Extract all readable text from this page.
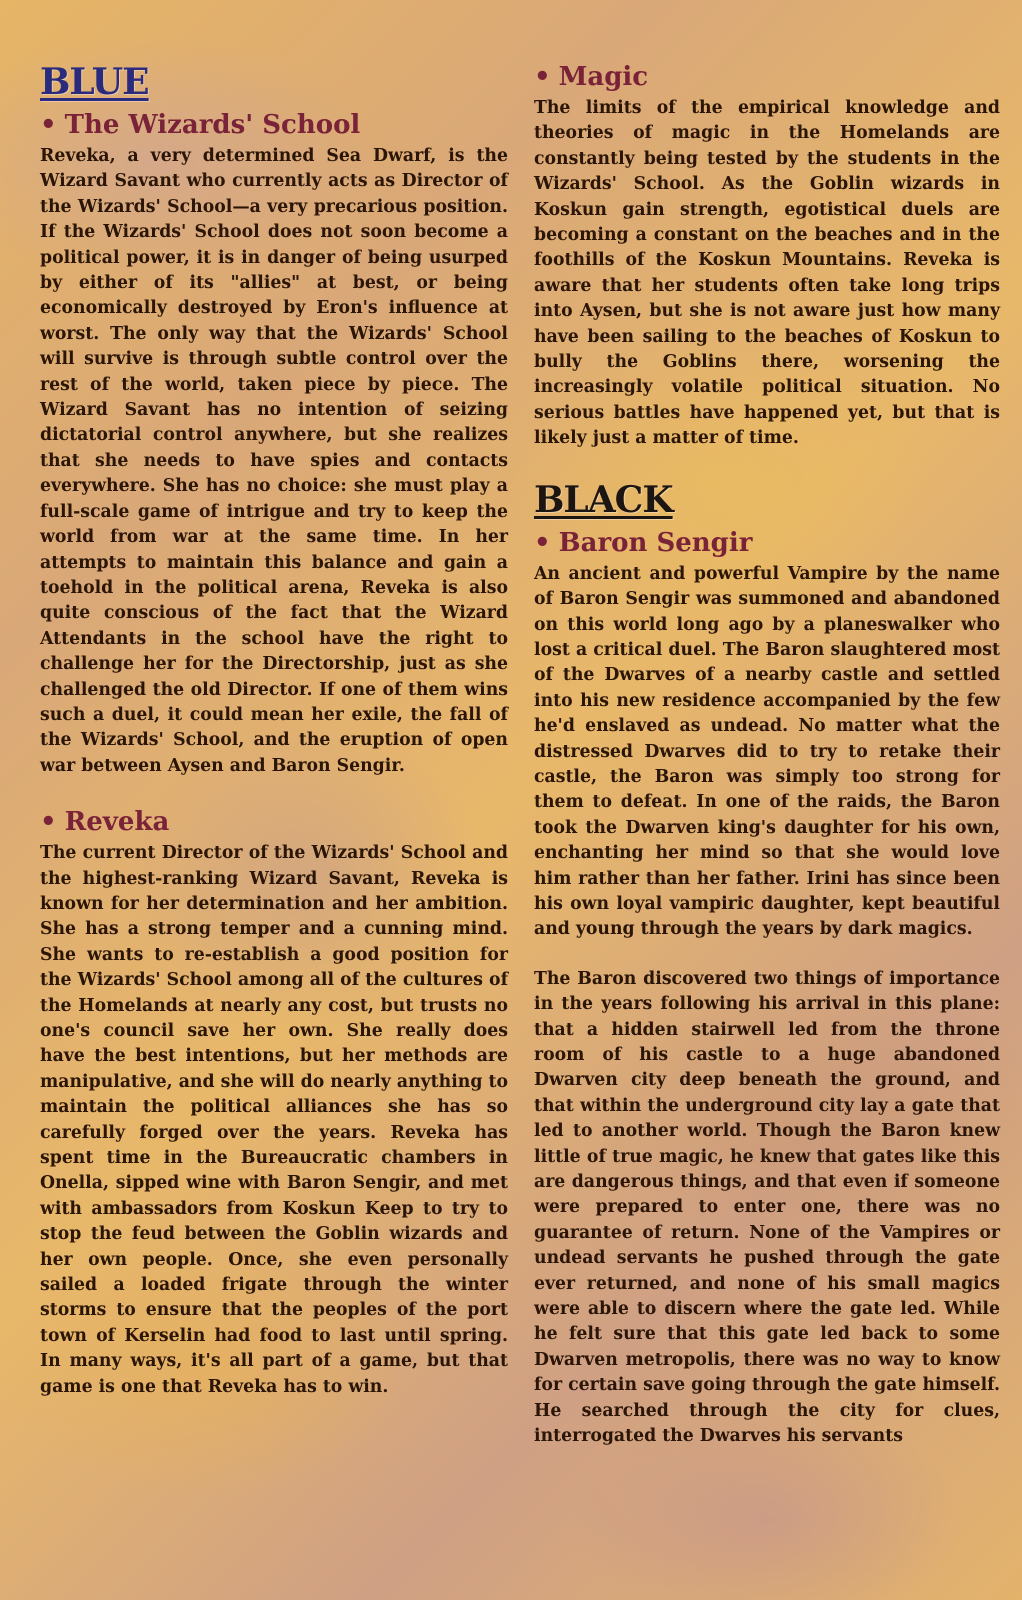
BLUE
• The Wizards' School

Reveka, a very determined Sea Dwarf, is the Wizard Savant who currently acts as Director of the Wizards' School—a very precarious position. If the Wizards' School does not soon become a political power, it is in danger of being usurped by either of its "allies" at best, or being economically destroyed by Eron's influence at worst. The only way that the Wizards' School will survive is through subtle control over the rest of the world, taken piece by piece. The Wizard Savant has no intention of seizing dictatorial control anywhere, but she realizes that she needs to have spies and contacts everywhere. She has no choice: she must play a full-scale game of intrigue and try to keep the world from war at the same time. In her attempts to maintain this balance and gain a toehold in the political arena, Reveka is also quite conscious of the fact that the Wizard Attendants in the school have the right to challenge her for the Directorship, just as she challenged the old Director. If one of them wins such a duel, it could mean her exile, the fall of the Wizards' School, and the eruption of open war between Aysen and Baron Sengir.

• Reveka

The current Director of the Wizards' School and the highest-ranking Wizard Savant, Reveka is known for her determination and her ambition. She has a strong temper and a cunning mind. She wants to re-establish a good position for the Wizards' School among all of the cultures of the Homelands at nearly any cost, but trusts no one's council save her own. She really does have the best intentions, but her methods are manipulative, and she will do nearly anything to maintain the political alliances she has so carefully forged over the years. Reveka has spent time in the Bureaucratic chambers in Onella, sipped wine with Baron Sengir, and met with ambassadors from Koskun Keep to try to stop the feud between the Goblin wizards and her own people. Once, she even personally sailed a loaded frigate through the winter storms to ensure that the peoples of the port town of Kerselin had food to last until spring. In many ways, it's all part of a game, but that game is one that Reveka has to win.

• Magic

The limits of the empirical knowledge and theories of magic in the Homelands are constantly being tested by the students in the Wizards' School. As the Goblin wizards in Koskun gain strength, egotistical duels are becoming a constant on the beaches and in the foothills of the Koskun Mountains. Reveka is aware that her students often take long trips into Aysen, but she is not aware just how many have been sailing to the beaches of Koskun to bully the Goblins there, worsening the increasingly volatile political situation. No serious battles have happened yet, but that is likely just a matter of time.

BLACK
• Baron Sengir

An ancient and powerful Vampire by the name of Baron Sengir was summoned and abandoned on this world long ago by a planeswalker who lost a critical duel. The Baron slaughtered most of the Dwarves of a nearby castle and settled into his new residence accompanied by the few he'd enslaved as undead. No matter what the distressed Dwarves did to try to retake their castle, the Baron was simply too strong for them to defeat. In one of the raids, the Baron took the Dwarven king's daughter for his own, enchanting her mind so that she would love him rather than her father. Irini has since been his own loyal vampiric daughter, kept beautiful and young through the years by dark magics.

The Baron discovered two things of importance in the years following his arrival in this plane: that a hidden stairwell led from the throne room of his castle to a huge abandoned Dwarven city deep beneath the ground, and that within the underground city lay a gate that led to another world. Though the Baron knew little of true magic, he knew that gates like this are dangerous things, and that even if someone were prepared to enter one, there was no guarantee of return. None of the Vampires or undead servants he pushed through the gate ever returned, and none of his small magics were able to discern where the gate led. While he felt sure that this gate led back to some Dwarven metropolis, there was no way to know for certain save going through the gate himself. He searched through the city for clues, interrogated the Dwarves his servants
